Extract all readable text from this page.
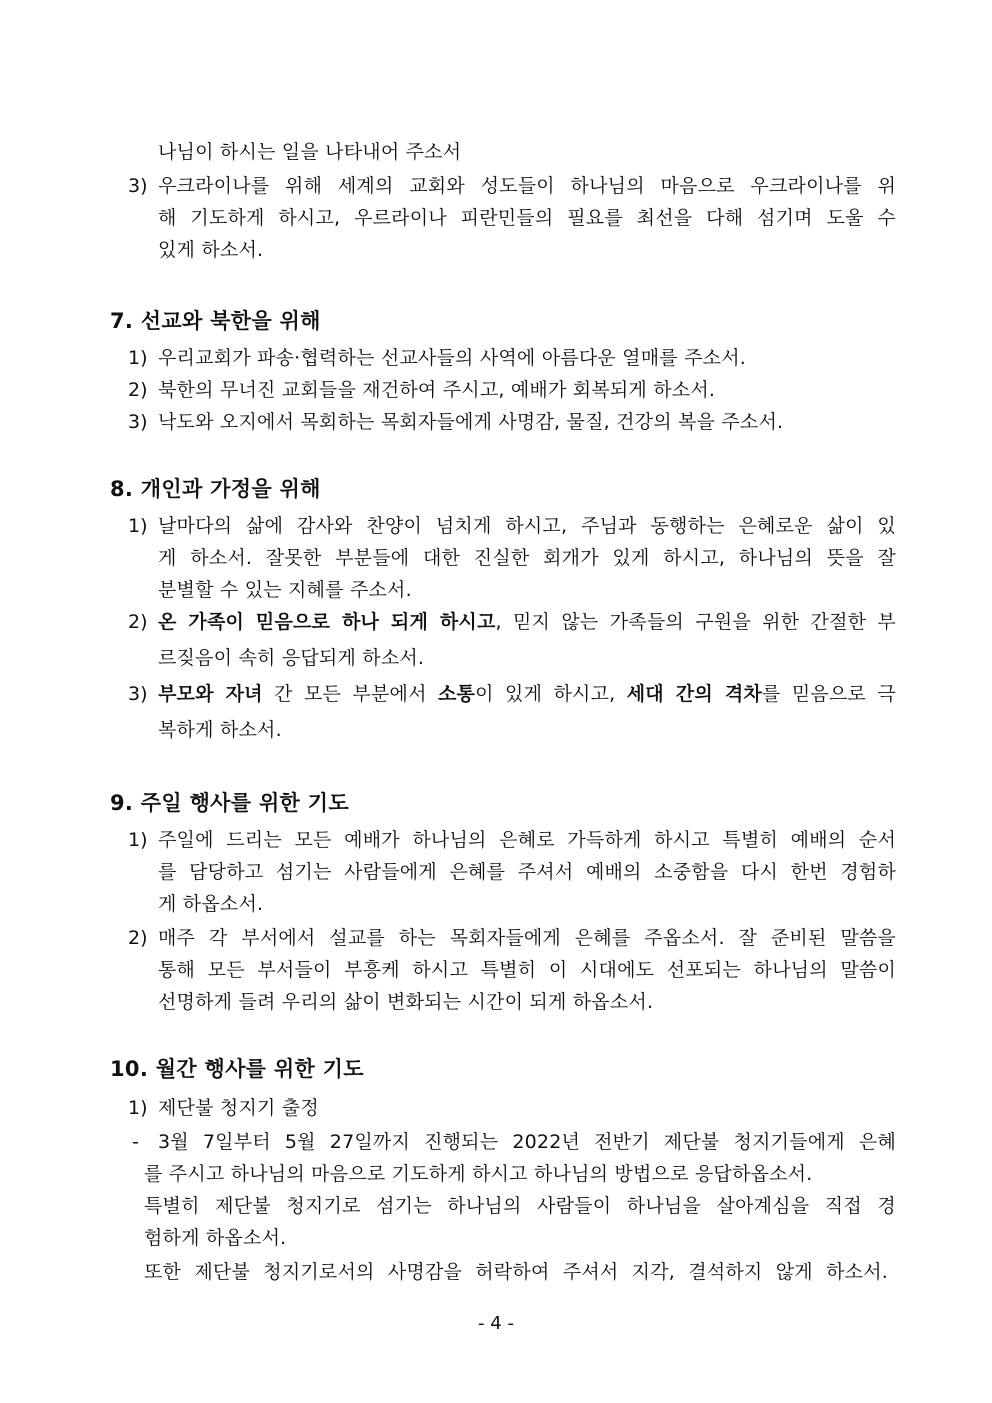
나님이 하시는 일을 나타내어 주소서
3) 우크라이나를 위해 세계의 교회와 성도들이 하나님의 마음으로 우크라이나를 위
해 기도하게 하시고, 우르라이나 피란민들의 필요를 최선을 다해 섬기며 도울 수
있게 하소서.
7. 선교와 북한을 위해
1) 우리교회가 파송·협력하는 선교사들의 사역에 아름다운 열매를 주소서.
2) 북한의 무너진 교회들을 재건하여 주시고, 예배가 회복되게 하소서.
3) 낙도와 오지에서 목회하는 목회자들에게 사명감, 물질, 건강의 복을 주소서.
8. 개인과 가정을 위해
1) 날마다의 삶에 감사와 찬양이 넘치게 하시고, 주님과 동행하는 은혜로운 삶이 있
게 하소서. 잘못한 부분들에 대한 진실한 회개가 있게 하시고, 하나님의 뜻을 잘
분별할 수 있는 지혜를 주소서.
2) 온 가족이 믿음으로 하나 되게 하시고, 믿지 않는 가족들의 구원을 위한 간절한 부
르짖음이 속히 응답되게 하소서.
3) 부모와 자녀 간 모든 부분에서 소통이 있게 하시고, 세대 간의 격차를 믿음으로 극
복하게 하소서.
9. 주일 행사를 위한 기도
1) 주일에 드리는 모든 예배가 하나님의 은혜로 가득하게 하시고 특별히 예배의 순서
를 담당하고 섬기는 사람들에게 은혜를 주셔서 예배의 소중함을 다시 한번 경험하
게 하옵소서.
2) 매주 각 부서에서 설교를 하는 목회자들에게 은혜를 주옵소서. 잘 준비된 말씀을
통해 모든 부서들이 부흥케 하시고 특별히 이 시대에도 선포되는 하나님의 말씀이
선명하게 들려 우리의 삶이 변화되는 시간이 되게 하옵소서.
10. 월간 행사를 위한 기도
1) 제단불 청지기 출정
- 3월 7일부터 5월 27일까지 진행되는 2022년 전반기 제단불 청지기들에게 은혜
를 주시고 하나님의 마음으로 기도하게 하시고 하나님의 방법으로 응답하옵소서.
특별히 제단불 청지기로 섬기는 하나님의 사람들이 하나님을 살아계심을 직접 경
험하게 하옵소서.
또한 제단불 청지기로서의 사명감을 허락하여 주셔서 지각, 결석하지 않게 하소서.
- 4 -
